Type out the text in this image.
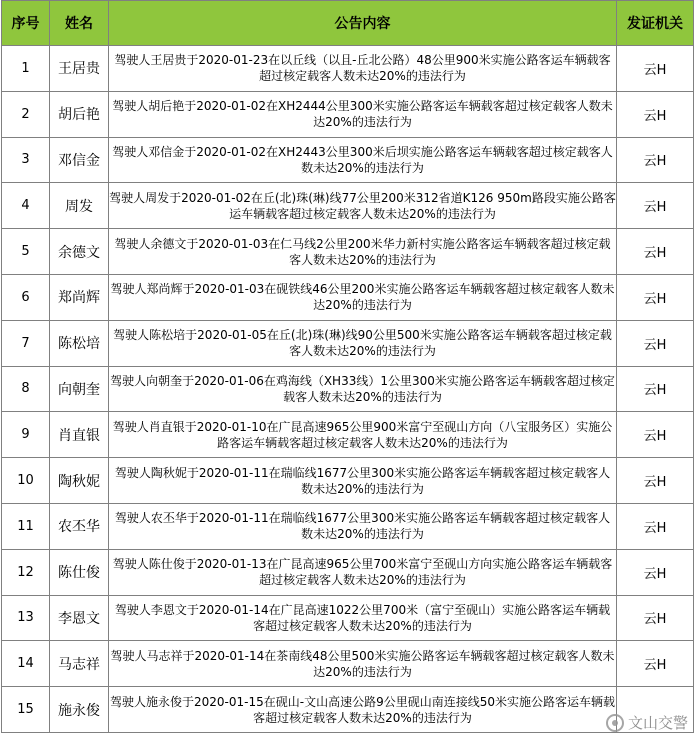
序号	姓名	公告内容	发证机关
1	王居贵	驾驶人王居贵于2020-01-23在以丘线（以且-丘北公路）48公里900米实施公路客运车辆载客超过核定载客人数未达20%的违法行为	云H
2	胡后艳	驾驶人胡后艳于2020-01-02在XH2444公里300米实施公路客运车辆载客超过核定载客人数未达20%的违法行为	云H
3	邓信金	驾驶人邓信金于2020-01-02在XH2443公里300米后坝实施公路客运车辆载客超过核定载客人数未达20%的违法行为	云H
4	周发	驾驶人周发于2020-01-02在丘(北)珠(琳)线77公里200米312省道K126 950m路段实施公路客运车辆载客超过核定载客人数未达20%的违法行为	云H
5	余德文	驾驶人余德文于2020-01-03在仁马线2公里200米华力新村实施公路客运车辆载客超过核定载客人数未达20%的违法行为	云H
6	郑尚辉	驾驶人郑尚辉于2020-01-03在砚铁线46公里200米实施公路客运车辆载客超过核定载客人数未达20%的违法行为	云H
7	陈松培	驾驶人陈松培于2020-01-05在丘(北)珠(琳)线90公里500米实施公路客运车辆载客超过核定载客人数未达20%的违法行为	云H
8	向朝奎	驾驶人向朝奎于2020-01-06在鸡海线（XH33线）1公里300米实施公路客运车辆载客超过核定载客人数未达20%的违法行为	云H
9	肖直银	驾驶人肖直银于2020-01-10在广昆高速965公里900米富宁至砚山方向（八宝服务区）实施公路客运车辆载客超过核定载客人数未达20%的违法行为	云H
10	陶秋妮	驾驶人陶秋妮于2020-01-11在瑞临线1677公里300米实施公路客运车辆载客超过核定载客人数未达20%的违法行为	云H
11	农丕华	驾驶人农丕华于2020-01-11在瑞临线1677公里300米实施公路客运车辆载客超过核定载客人数未达20%的违法行为	云H
12	陈仕俊	驾驶人陈仕俊于2020-01-13在广昆高速965公里700米富宁至砚山方向实施公路客运车辆载客超过核定载客人数未达20%的违法行为	云H
13	李恩文	驾驶人李恩文于2020-01-14在广昆高速1022公里700米（富宁至砚山）实施公路客运车辆载客超过核定载客人数未达20%的违法行为	云H
14	马志祥	驾驶人马志祥于2020-01-14在茶南线48公里500米实施公路客运车辆载客超过核定载客人数未达20%的违法行为	云H
15	施永俊	驾驶人施永俊于2020-01-15在砚山-文山高速公路9公里砚山南连接线50米实施公路客运车辆载客超过核定载客人数未达20%的违法行为		文山交警
